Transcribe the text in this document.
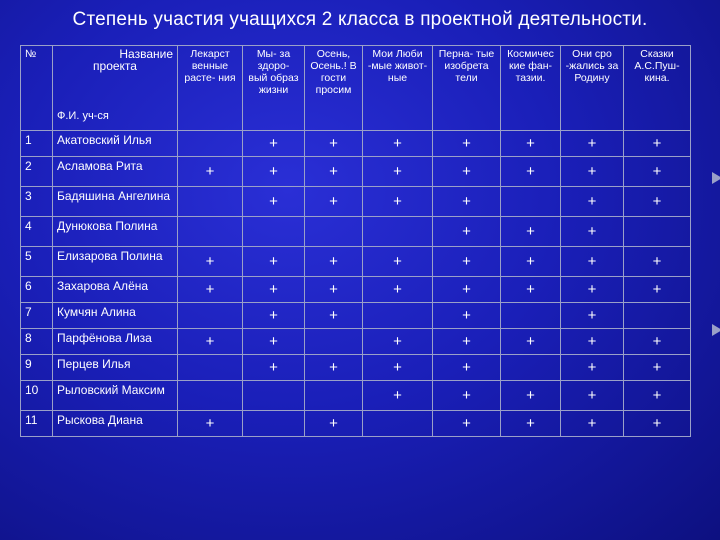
Степень участия учащихся 2 класса в проектной деятельности.
№	Название
проекта
Ф.И. уч-ся	Лекарст венные расте- ния	Мы- за здоро- вый образ жизни	Осень, Осень.! В гости просим	Мои Люби -мые живот-ные	Перна- тые изобрета тели	Космичес кие фан- тазии.	Они сро -жались за Родину	Сказки А.С.Пуш- кина.
1	Акатовский Илья		+	+	+	+	+	+	+
2	Асламова Рита	+	+	+	+	+	+	+	+
3	Бадяшина Ангелина		+	+	+	+		+	+
4	Дунюкова Полина					+	+	+	
5	Елизарова Полина	+	+	+	+	+	+	+	+
6	Захарова Алёна	+	+	+	+	+	+	+	+
7	Кумчян Алина		+	+		+		+	
8	Парфёнова Лиза	+	+		+	+	+	+	+
9	Перцев Илья		+	+	+	+		+	+
10	Рыловский Максим				+	+	+	+	+
11	Рыскова Диана	+		+		+	+	+	+
